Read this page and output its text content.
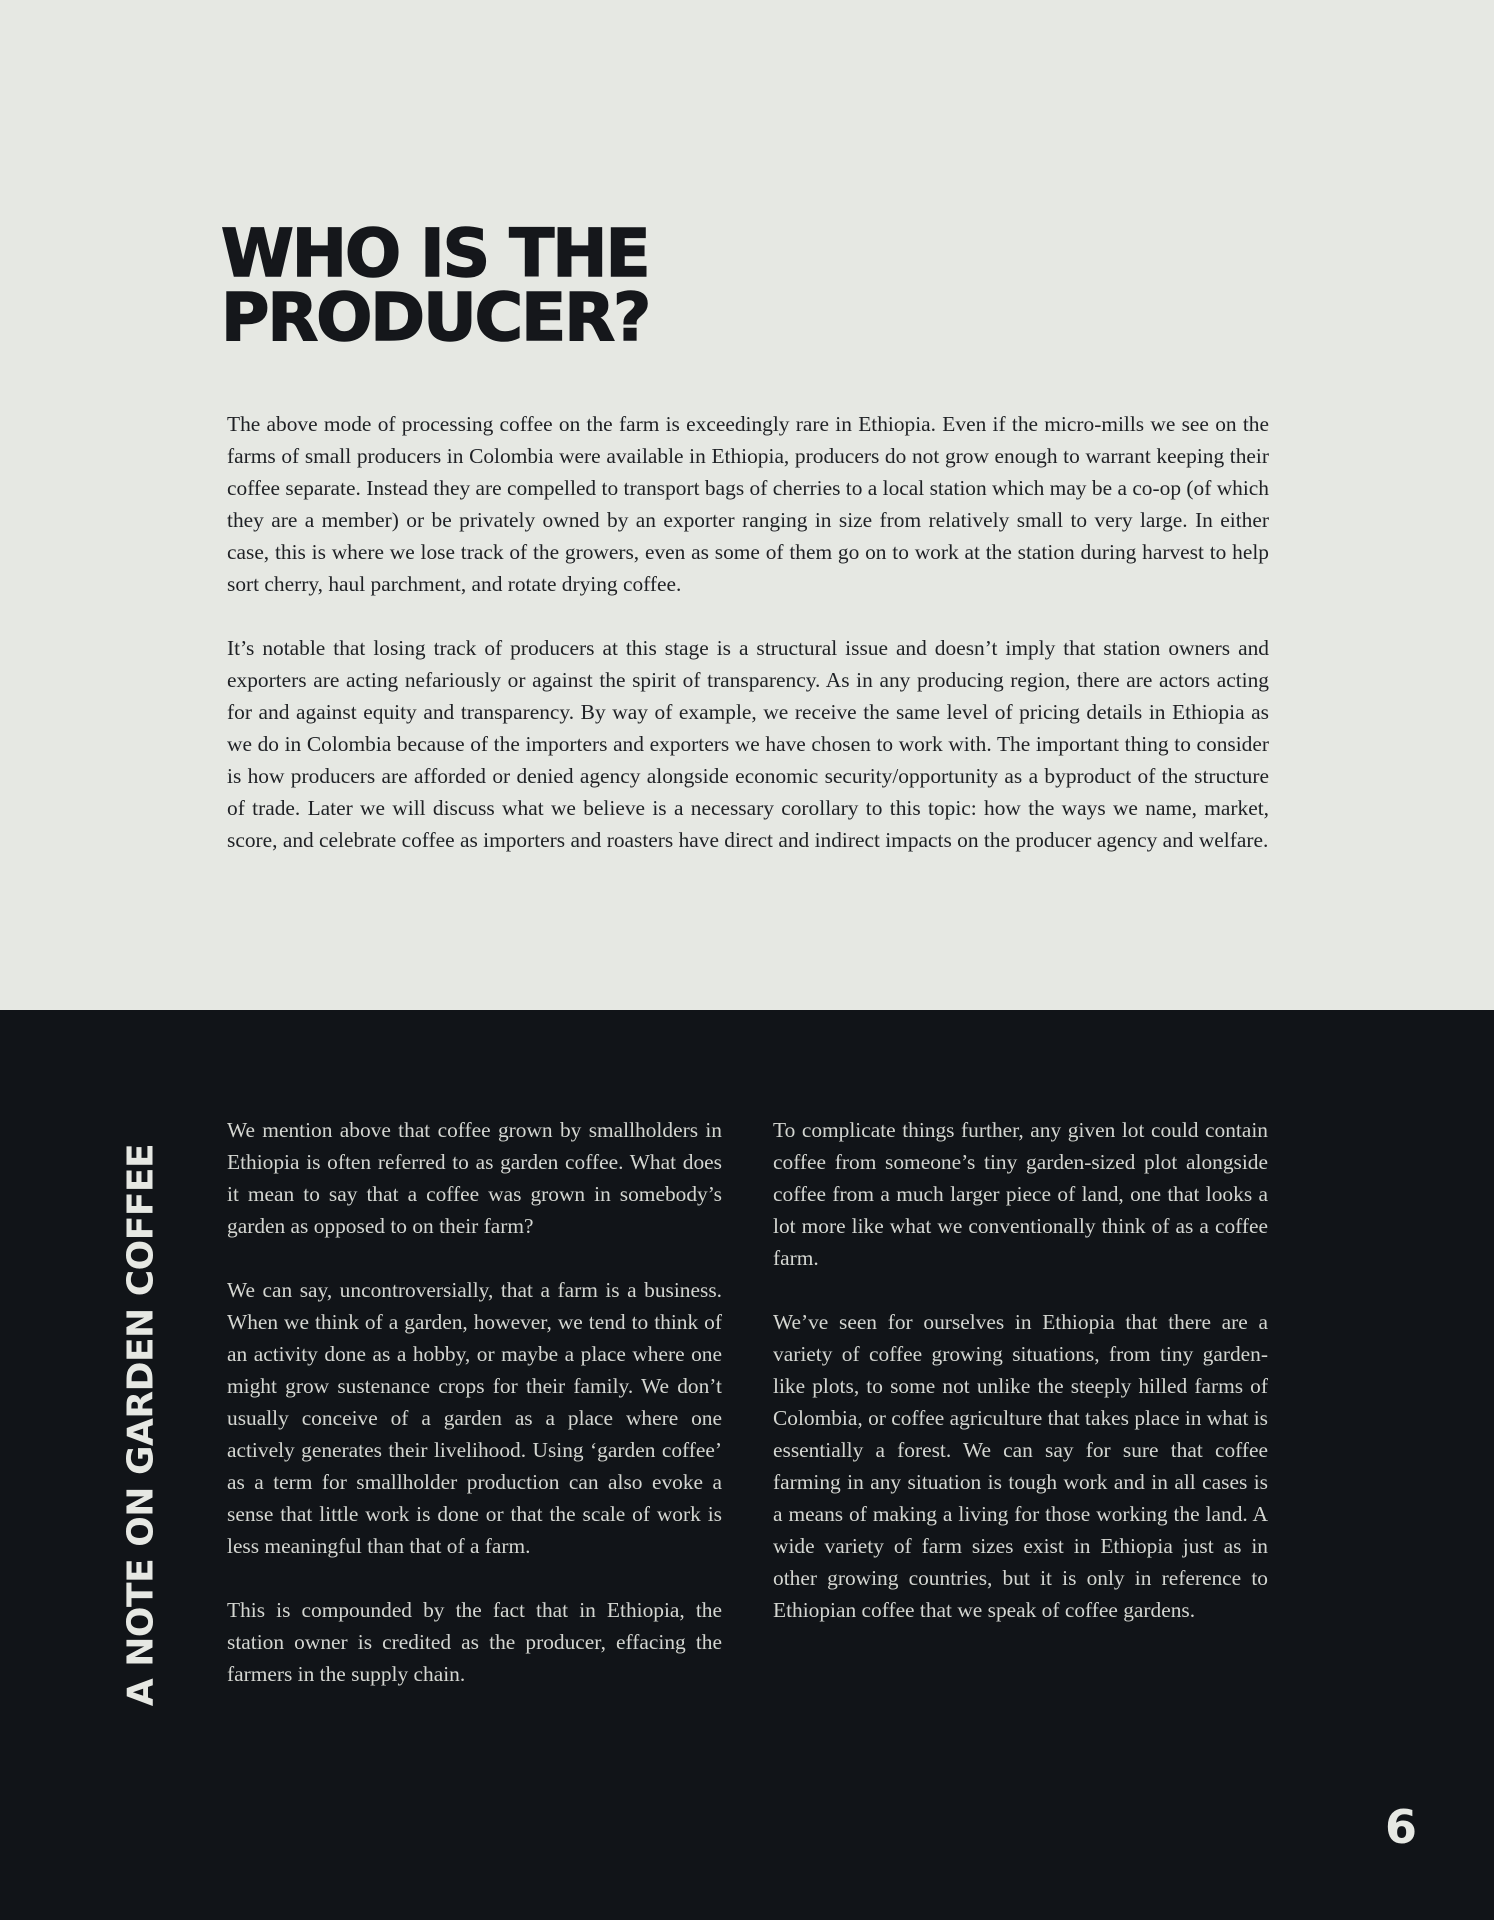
WHO IS THE
PRODUCER?

The above mode of processing coffee on the farm is exceedingly rare in Ethiopia. Even if the micro-mills we see on the farms of small producers in Colombia were available in Ethiopia, producers do not grow enough to warrant keeping their coffee separate. Instead they are compelled to transport bags of cherries to a local station which may be a co-op (of which they are a member) or be privately owned by an exporter ranging in size from relatively small to very large. In either case, this is where we lose track of the growers, even as some of them go on to work at the station during harvest to help sort cherry, haul parchment, and rotate drying coffee.

It’s notable that losing track of producers at this stage is a structural issue and doesn’t imply that station owners and exporters are acting nefariously or against the spirit of transparency. As in any producing region, there are actors acting for and against equity and transparency. By way of example, we receive the same level of pricing details in Ethiopia as we do in Colombia because of the importers and exporters we have chosen to work with. The important thing to consider is how producers are afforded or denied agency alongside economic security/opportunity as a byproduct of the structure of trade. Later we will discuss what we believe is a necessary corollary to this topic: how the ways we name, market, score, and celebrate coffee as importers and roasters have direct and indirect impacts on the producer agency and welfare.

A NOTE ON GARDEN COFFEE

We mention above that coffee grown by smallholders in Ethiopia is often referred to as garden coffee. What does it mean to say that a coffee was grown in somebody’s garden as opposed to on their farm?

We can say, uncontroversially, that a farm is a business. When we think of a garden, however, we tend to think of an activity done as a hobby, or maybe a place where one might grow sustenance crops for their family. We don’t usually conceive of a garden as a place where one actively generates their livelihood. Using ‘garden coffee’ as a term for smallholder production can also evoke a sense that little work is done or that the scale of work is less meaningful than that of a farm.

This is compounded by the fact that in Ethiopia, the station owner is credited as the producer, effacing the farmers in the supply chain.

To complicate things further, any given lot could contain coffee from someone’s tiny garden-sized plot alongside coffee from a much larger piece of land, one that looks a lot more like what we conventionally think of as a coffee farm.

We’ve seen for ourselves in Ethiopia that there are a variety of coffee growing situations, from tiny garden-like plots, to some not unlike the steeply hilled farms of Colombia, or coffee agriculture that takes place in what is essentially a forest. We can say for sure that coffee farming in any situation is tough work and in all cases is a means of making a living for those working the land. A wide variety of farm sizes exist in Ethiopia just as in other growing countries, but it is only in reference to Ethiopian coffee that we speak of coffee gardens.

6
